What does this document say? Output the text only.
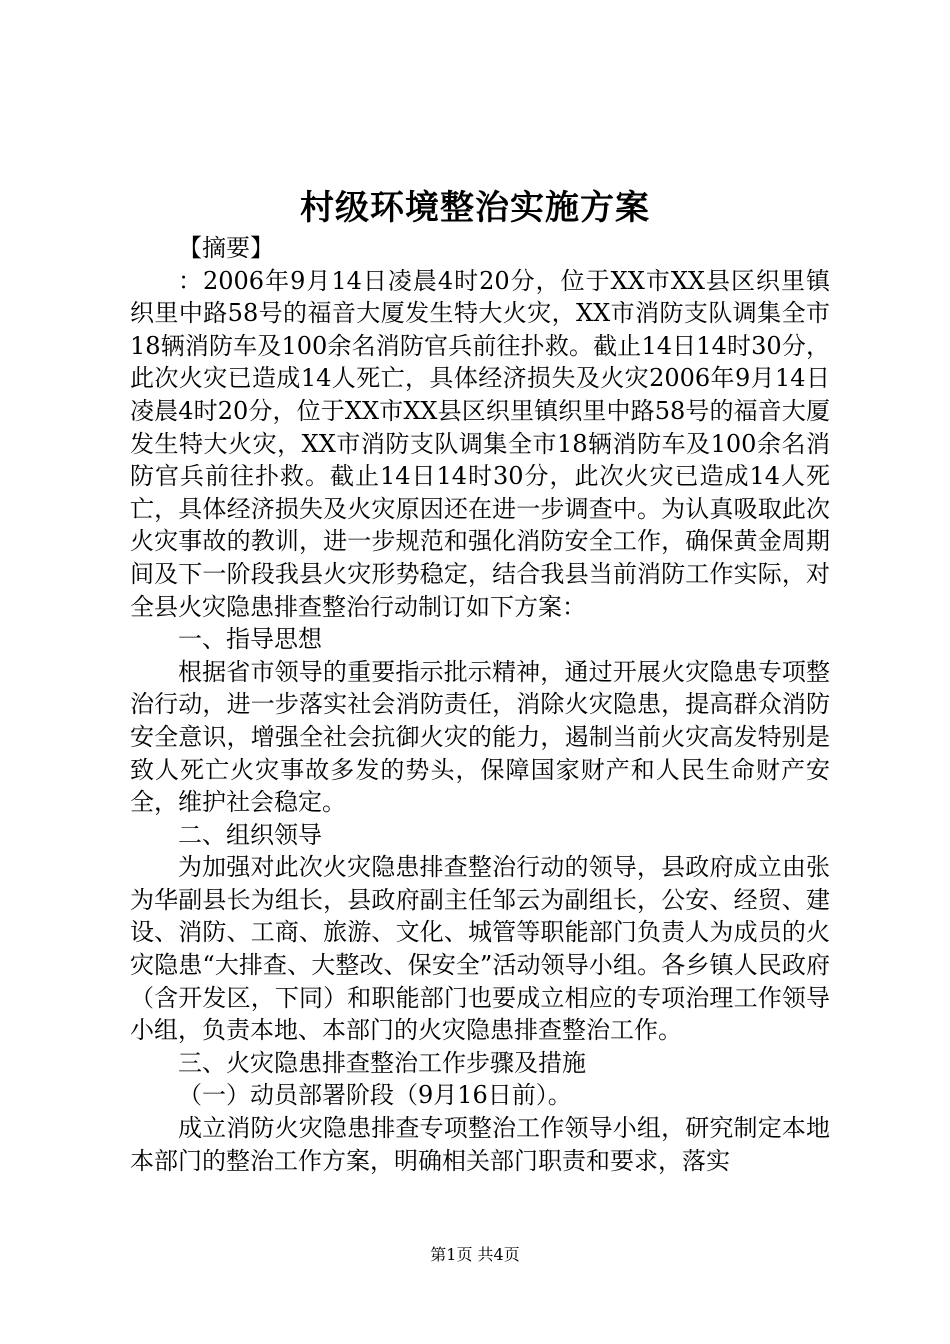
村级环境整治实施方案

【摘要】

：2006年9月14日凌晨4时20分，位于XX市XX县区织里镇织里中路58号的福音大厦发生特大火灾，XX市消防支队调集全市18辆消防车及100余名消防官兵前往扑救。截止14日14时30分，此次火灾已造成14人死亡，具体经济损失及火灾2006年9月14日凌晨4时20分，位于XX市XX县区织里镇织里中路58号的福音大厦发生特大火灾，XX市消防支队调集全市18辆消防车及100余名消防官兵前往扑救。截止14日14时30分，此次火灾已造成14人死亡，具体经济损失及火灾原因还在进一步调查中。为认真吸取此次火灾事故的教训，进一步规范和强化消防安全工作，确保黄金周期间及下一阶段我县火灾形势稳定，结合我县当前消防工作实际，对全县火灾隐患排查整治行动制订如下方案：

一、指导思想

根据省市领导的重要指示批示精神，通过开展火灾隐患专项整治行动，进一步落实社会消防责任，消除火灾隐患，提高群众消防安全意识，增强全社会抗御火灾的能力，遏制当前火灾高发特别是致人死亡火灾事故多发的势头，保障国家财产和人民生命财产安全，维护社会稳定。

二、组织领导

为加强对此次火灾隐患排查整治行动的领导，县政府成立由张为华副县长为组长，县政府副主任邹云为副组长，公安、经贸、建设、消防、工商、旅游、文化、城管等职能部门负责人为成员的火灾隐患“大排查、大整改、保安全”活动领导小组。各乡镇人民政府（含开发区，下同）和职能部门也要成立相应的专项治理工作领导小组，负责本地、本部门的火灾隐患排查整治工作。

三、火灾隐患排查整治工作步骤及措施

（一）动员部署阶段（9月16日前）。

成立消防火灾隐患排查专项整治工作领导小组，研究制定本地本部门的整治工作方案，明确相关部门职责和要求，落实

第1页 共4页
